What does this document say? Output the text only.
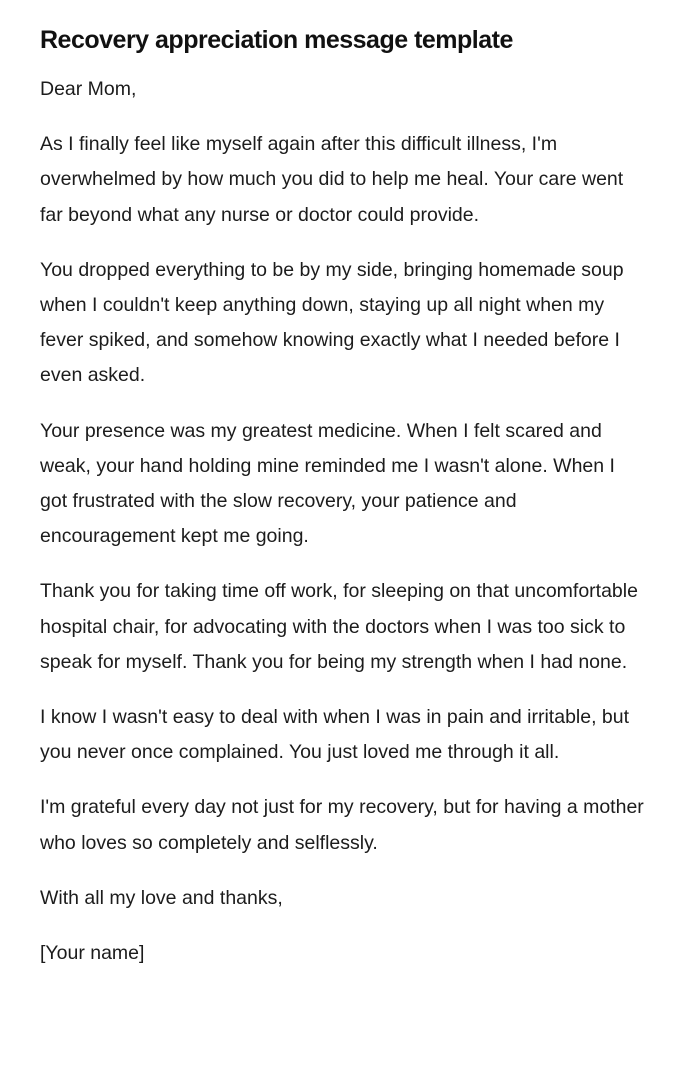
Recovery appreciation message template

Dear Mom,

As I finally feel like myself again after this difficult illness, I'm overwhelmed by how much you did to help me heal. Your care went far beyond what any nurse or doctor could provide.

You dropped everything to be by my side, bringing homemade soup when I couldn't keep anything down, staying up all night when my fever spiked, and somehow knowing exactly what I needed before I even asked.

Your presence was my greatest medicine. When I felt scared and weak, your hand holding mine reminded me I wasn't alone. When I got frustrated with the slow recovery, your patience and encouragement kept me going.

Thank you for taking time off work, for sleeping on that uncomfortable hospital chair, for advocating with the doctors when I was too sick to speak for myself. Thank you for being my strength when I had none.

I know I wasn't easy to deal with when I was in pain and irritable, but you never once complained. You just loved me through it all.

I'm grateful every day not just for my recovery, but for having a mother who loves so completely and selflessly.

With all my love and thanks,

[Your name]
